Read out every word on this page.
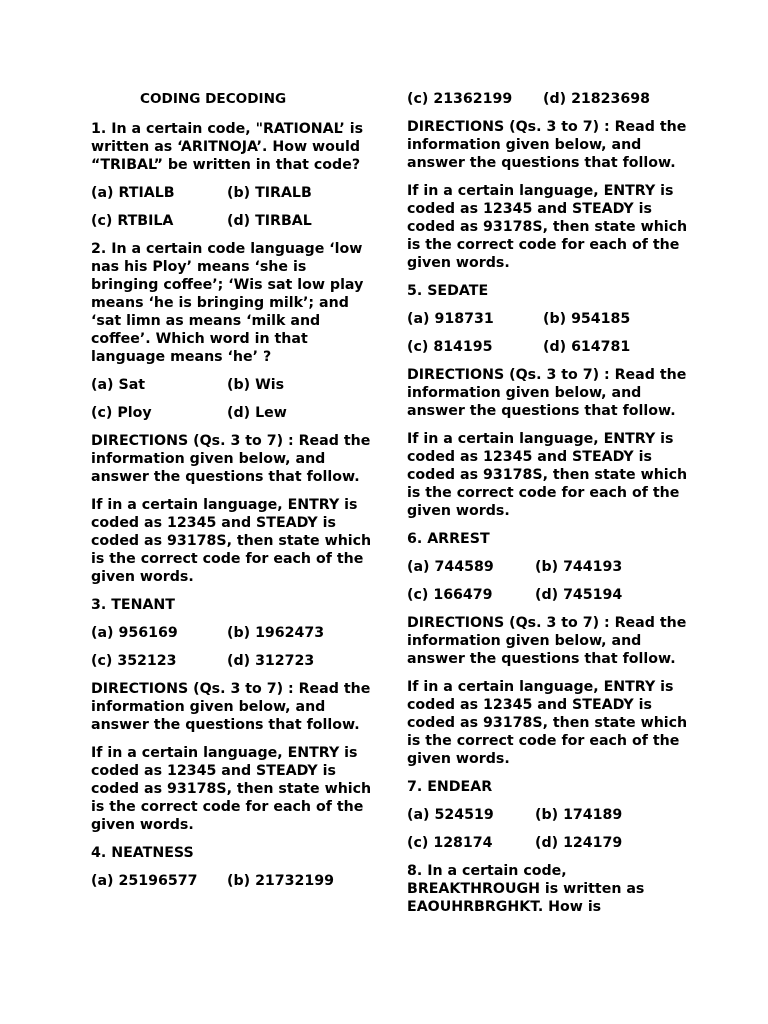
CODING DECODING
1. In a certain code, "RATIONAL’ is written as ‘ARITNOJA’. How would “TRIBAL” be written in that code?
(a) RTIALB	(b) TIRALB
(c) RTBILA	(d) TIRBAL
2. In a certain code language ‘low nas his Ploy’ means ‘she is bringing coffee’; ‘Wis sat low play means ‘he is bringing milk’; and ‘sat limn as means ‘milk and coffee’. Which word in that language means ‘he’ ?
(a) Sat	(b) Wis
(c) Ploy	(d) Lew
DIRECTIONS (Qs. 3 to 7) : Read the information given below, and answer the questions that follow.
If in a certain language, ENTRY is coded as 12345 and STEADY is coded as 93178S, then state which is the correct code for each of the given words.
3. TENANT
(a) 956169	(b) 1962473
(c) 352123	(d) 312723
DIRECTIONS (Qs. 3 to 7) : Read the information given below, and answer the questions that follow.
If in a certain language, ENTRY is coded as 12345 and STEADY is coded as 93178S, then state which is the correct code for each of the given words.
4. NEATNESS
(a) 25196577	(b) 21732199
(c) 21362199	(d) 21823698
DIRECTIONS (Qs. 3 to 7) : Read the information given below, and answer the questions that follow.
If in a certain language, ENTRY is coded as 12345 and STEADY is coded as 93178S, then state which is the correct code for each of the given words.
5. SEDATE
(a) 918731	(b) 954185
(c) 814195	(d) 614781
DIRECTIONS (Qs. 3 to 7) : Read the information given below, and answer the questions that follow.
If in a certain language, ENTRY is coded as 12345 and STEADY is coded as 93178S, then state which is the correct code for each of the given words.
6. ARREST
(a) 744589	(b) 744193
(c) 166479	(d) 745194
DIRECTIONS (Qs. 3 to 7) : Read the information given below, and answer the questions that follow.
If in a certain language, ENTRY is coded as 12345 and STEADY is coded as 93178S, then state which is the correct code for each of the given words.
7. ENDEAR
(a) 524519	(b) 174189
(c) 128174	(d) 124179
8. In a certain code, BREAKTHROUGH is written as EAOUHRBRGHKT. How is
